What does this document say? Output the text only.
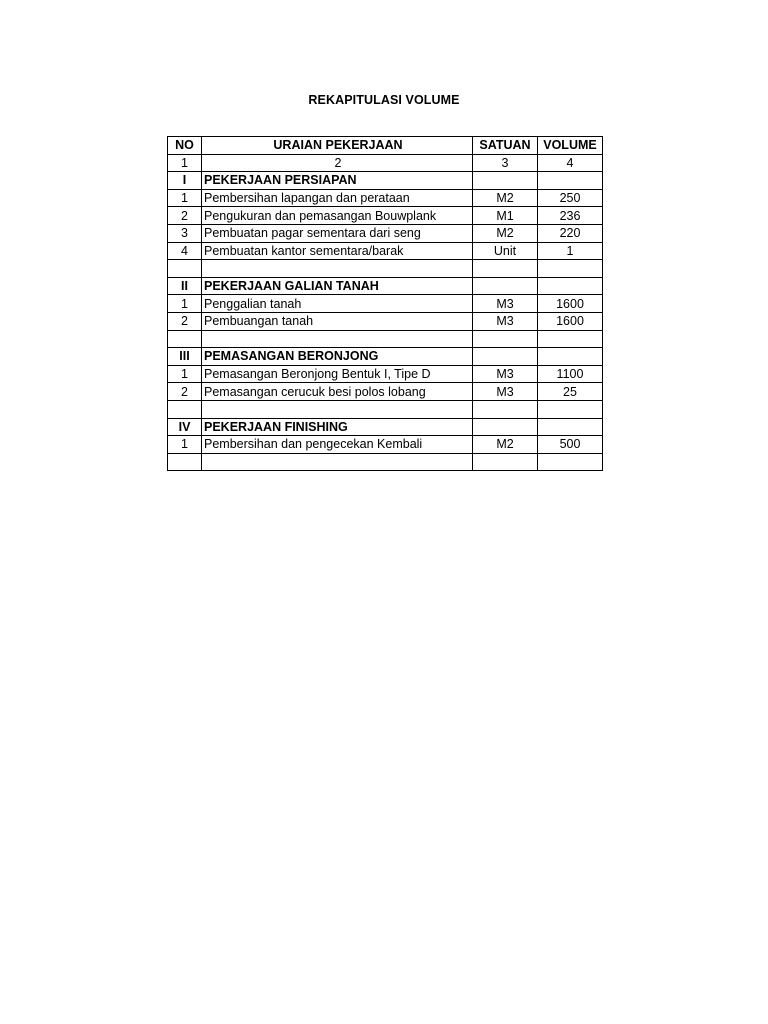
REKAPITULASI VOLUME
NO	URAIAN PEKERJAAN	SATUAN	VOLUME
1	2	3	4
I	PEKERJAAN PERSIAPAN		
1	Pembersihan lapangan dan perataan	M2	250
2	Pengukuran dan pemasangan Bouwplank	M1	236
3	Pembuatan pagar sementara dari seng	M2	220
4	Pembuatan kantor sementara/barak	Unit	1

II	PEKERJAAN GALIAN TANAH		
1	Penggalian tanah	M3	1600
2	Pembuangan tanah	M3	1600

III	PEMASANGAN BERONJONG		
1	Pemasangan Beronjong Bentuk I, Tipe D	M3	1100
2	Pemasangan cerucuk besi polos lobang	M3	25

IV	PEKERJAAN FINISHING		
1	Pembersihan dan pengecekan Kembali	M2	500
